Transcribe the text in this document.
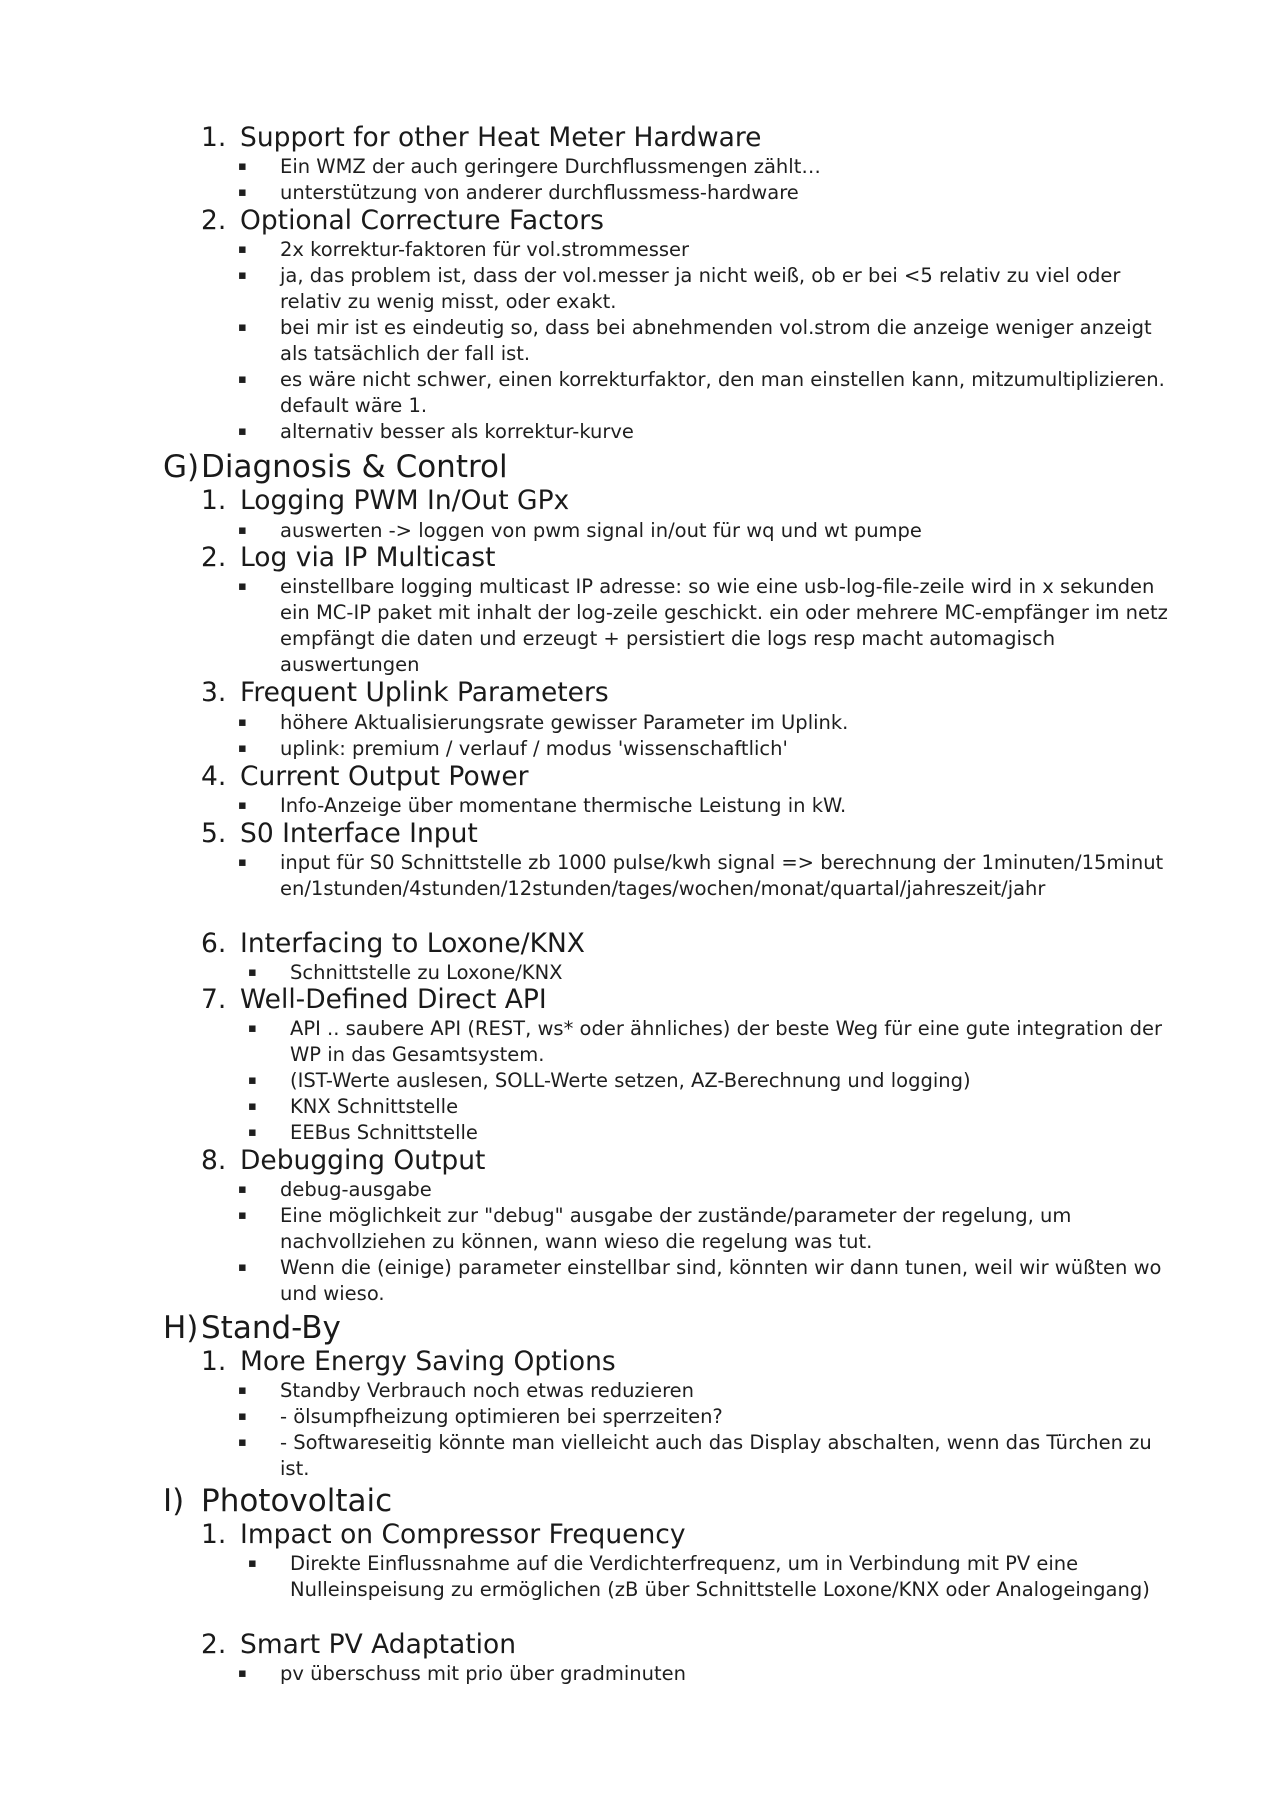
1. Support for other Heat Meter Hardware
▪ Ein WMZ der auch geringere Durchflussmengen zählt…
▪ unterstützung von anderer durchflussmess-hardware
2. Optional Correcture Factors
▪ 2x korrektur-faktoren für vol.strommesser
▪ ja, das problem ist, dass der vol.messer ja nicht weiß, ob er bei <5 relativ zu viel oder relativ zu wenig misst, oder exakt.
▪ bei mir ist es eindeutig so, dass bei abnehmenden vol.strom die anzeige weniger anzeigt als tatsächlich der fall ist.
▪ es wäre nicht schwer, einen korrekturfaktor, den man einstellen kann, mitzumultiplizieren. default wäre 1.
▪ alternativ besser als korrektur-kurve
G)Diagnosis & Control
1. Logging PWM In/Out GPx
▪ auswerten -> loggen von pwm signal in/out für wq und wt pumpe
2. Log via IP Multicast
▪ einstellbare logging multicast IP adresse: so wie eine usb-log-file-zeile wird in x sekunden ein MC-IP paket mit inhalt der log-zeile geschickt. ein oder mehrere MC-empfänger im netz empfängt die daten und erzeugt + persistiert die logs resp macht automagisch auswertungen
3. Frequent Uplink Parameters
▪ höhere Aktualisierungsrate gewisser Parameter im Uplink.
▪ uplink: premium / verlauf / modus 'wissenschaftlich'
4. Current Output Power
▪ Info-Anzeige über momentane thermische Leistung in kW.
5. S0 Interface Input
▪ input für S0 Schnittstelle zb 1000 pulse/kwh signal => berechnung der 1minuten/15minuten/1stunden/4stunden/12stunden/tages/wochen/monat/quartal/jahreszeit/jahr
6. Interfacing to Loxone/KNX
▪ Schnittstelle zu Loxone/KNX
7. Well-Defined Direct API
▪ API .. saubere API (REST, ws* oder ähnliches) der beste Weg für eine gute integration der WP in das Gesamtsystem.
▪ (IST-Werte auslesen, SOLL-Werte setzen, AZ-Berechnung und logging)
▪ KNX Schnittstelle
▪ EEBus Schnittstelle
8. Debugging Output
▪ debug-ausgabe
▪ Eine möglichkeit zur "debug" ausgabe der zustände/parameter der regelung, um nachvollziehen zu können, wann wieso die regelung was tut.
▪ Wenn die (einige) parameter einstellbar sind, könnten wir dann tunen, weil wir wüßten wo und wieso.
H)Stand-By
1. More Energy Saving Options
▪ Standby Verbrauch noch etwas reduzieren
▪ - ölsumpfheizung optimieren bei sperrzeiten?
▪ - Softwareseitig könnte man vielleicht auch das Display abschalten, wenn das Türchen zu ist.
I) Photovoltaic
1. Impact on Compressor Frequency
▪ Direkte Einflussnahme auf die Verdichterfrequenz, um in Verbindung mit PV eine Nulleinspeisung zu ermöglichen (zB über Schnittstelle Loxone/KNX oder Analogeingang)
2. Smart PV Adaptation
▪ pv überschuss mit prio über gradminuten
